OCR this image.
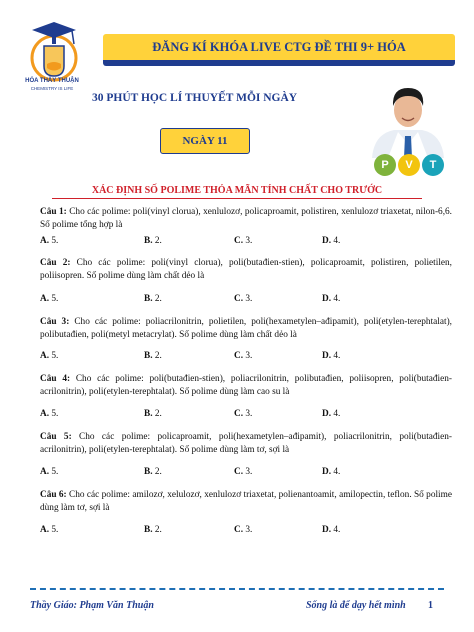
HÓA THẦY THUẬN
CHEMISTRY IS LIFE
ĐĂNG KÍ KHÓA LIVE CTG ĐỀ THI 9+ HÓA
30 PHÚT HỌC LÍ THUYẾT MỖI NGÀY
NGÀY 11
P	V	T
XÁC ĐỊNH SỐ POLIME THỎA MÃN TÍNH CHẤT CHO TRƯỚC
Câu 1: Cho các polime: poli(vinyl clorua), xenlulozơ, policaproamit, polistiren, xenlulozơ triaxetat, nilon-6,6. Số polime tổng hợp là
A. 5.	B. 2.	C. 3.	D. 4.
Câu 2: Cho các polime: poli(vinyl clorua), poli(butađien-stien), policaproamit, polistiren, polietilen, poliisopren. Số polime dùng làm chất dẻo là
A. 5.	B. 2.	C. 3.	D. 4.
Câu 3: Cho các polime: poliacrilonitrin, polietilen, poli(hexametylen–ađipamit), poli(etylen-terephtalat), polibutađien, poli(metyl metacrylat). Số polime dùng làm chất dẻo là
A. 5.	B. 2.	C. 3.	D. 4.
Câu 4: Cho các polime: poli(butađien-stien), poliacrilonitrin, polibutađien, poliisopren, poli(butađien-acrilonitrin), poli(etylen-terephtalat). Số polime dùng làm cao su là
A. 5.	B. 2.	C. 3.	D. 4.
Câu 5: Cho các polime: policaproamit, poli(hexametylen–ađipamit), poliacrilonitrin, poli(butađien-acrilonitrin), poli(etylen-terephtalat). Số polime dùng làm tơ, sợi là
A. 5.	B. 2.	C. 3.	D. 4.
Câu 6: Cho các polime: amilozơ, xelulozơ, xenlulozơ triaxetat, polienantoamit, amilopectin, teflon. Số polime dùng làm tơ, sợi là
A. 5.	B. 2.	C. 3.	D. 4.
Thầy Giáo: Phạm Văn Thuận	Sống là để dạy hết mình 1
